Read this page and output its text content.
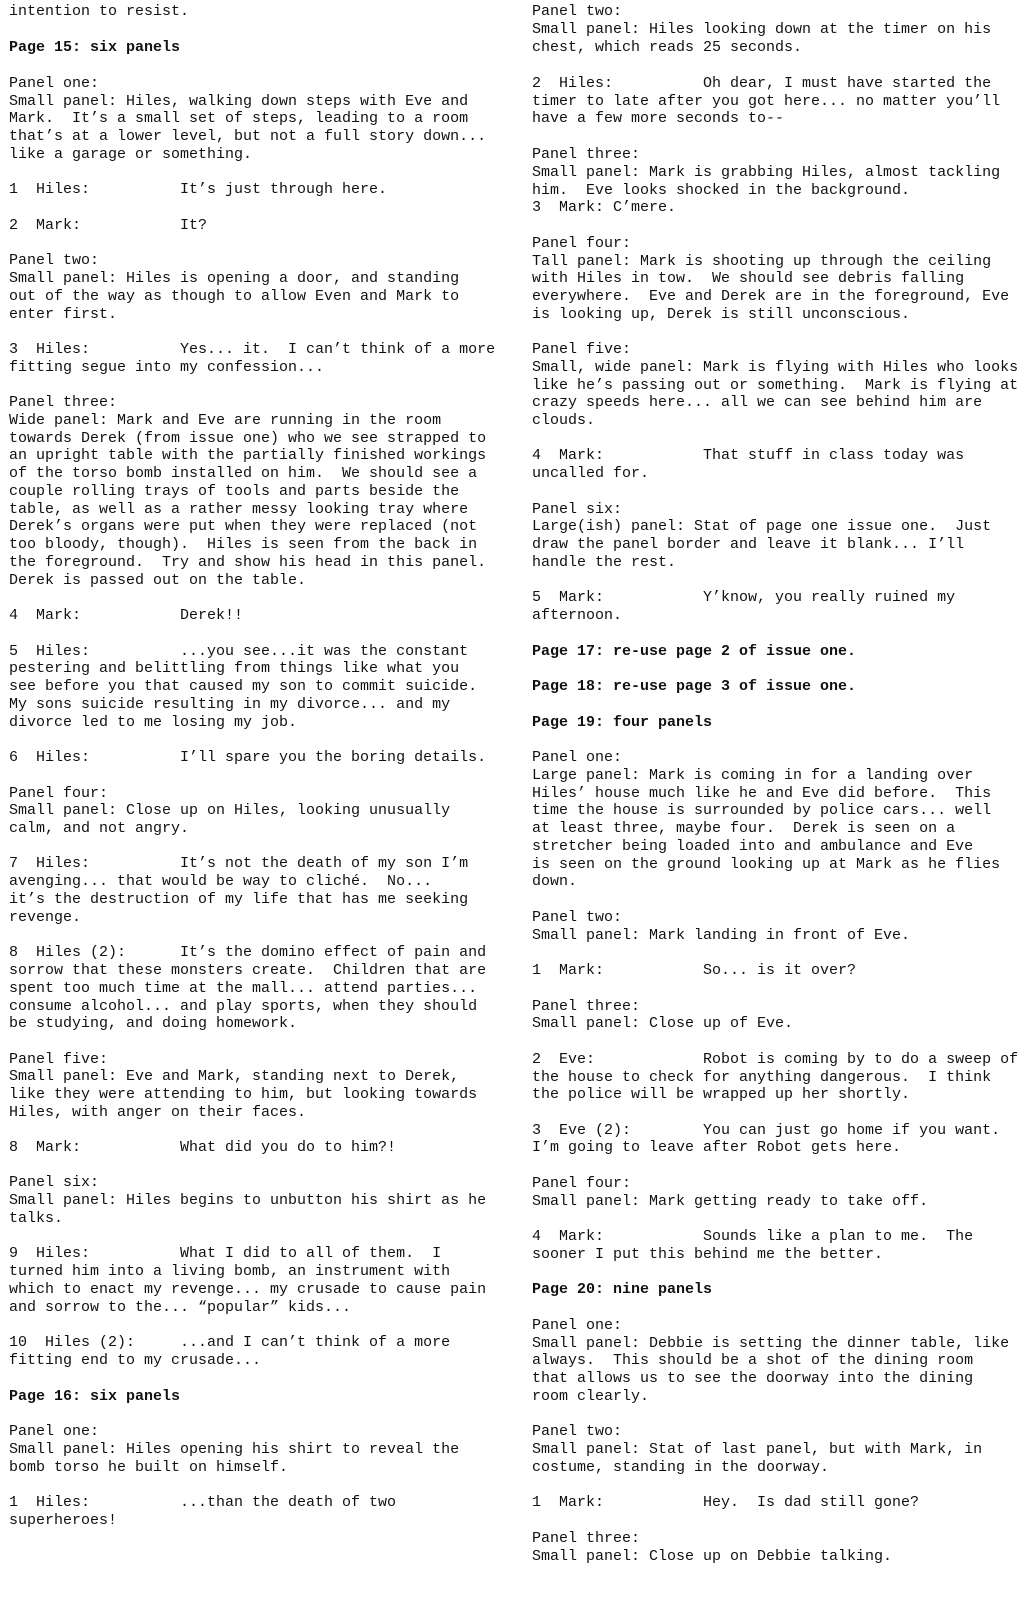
intention to resist.
Page 15: six panels
Panel one:
Small panel: Hiles, walking down steps with Eve and
Mark.  It’s a small set of steps, leading to a room
that’s at a lower level, but not a full story down...
like a garage or something.
1  Hiles:          It’s just through here.
2  Mark:           It?
Panel two:
Small panel: Hiles is opening a door, and standing
out of the way as though to allow Even and Mark to
enter first.
3  Hiles:          Yes... it.  I can’t think of a more
fitting segue into my confession...
Panel three:
Wide panel: Mark and Eve are running in the room
towards Derek (from issue one) who we see strapped to
an upright table with the partially finished workings
of the torso bomb installed on him.  We should see a
couple rolling trays of tools and parts beside the
table, as well as a rather messy looking tray where
Derek’s organs were put when they were replaced (not
too bloody, though).  Hiles is seen from the back in
the foreground.  Try and show his head in this panel.
Derek is passed out on the table.
4  Mark:           Derek!!
5  Hiles:          ...you see...it was the constant
pestering and belittling from things like what you
see before you that caused my son to commit suicide.
My sons suicide resulting in my divorce... and my
divorce led to me losing my job.
6  Hiles:          I’ll spare you the boring details.
Panel four:
Small panel: Close up on Hiles, looking unusually
calm, and not angry.
7  Hiles:          It’s not the death of my son I’m
avenging... that would be way to cliché.  No...
it’s the destruction of my life that has me seeking
revenge.
8  Hiles (2):      It’s the domino effect of pain and
sorrow that these monsters create.  Children that are
spent too much time at the mall... attend parties...
consume alcohol... and play sports, when they should
be studying, and doing homework.
Panel five:
Small panel: Eve and Mark, standing next to Derek,
like they were attending to him, but looking towards
Hiles, with anger on their faces.
8  Mark:           What did you do to him?!
Panel six:
Small panel: Hiles begins to unbutton his shirt as he
talks.
9  Hiles:          What I did to all of them.  I
turned him into a living bomb, an instrument with
which to enact my revenge... my crusade to cause pain
and sorrow to the... “popular” kids...
10  Hiles (2):     ...and I can’t think of a more
fitting end to my crusade...
Page 16: six panels
Panel one:
Small panel: Hiles opening his shirt to reveal the
bomb torso he built on himself.
1  Hiles:          ...than the death of two
superheroes!
Panel two:
Small panel: Hiles looking down at the timer on his
chest, which reads 25 seconds.
2  Hiles:          Oh dear, I must have started the
timer to late after you got here... no matter you’ll
have a few more seconds to--
Panel three:
Small panel: Mark is grabbing Hiles, almost tackling
him.  Eve looks shocked in the background.
3  Mark: C’mere.
Panel four:
Tall panel: Mark is shooting up through the ceiling
with Hiles in tow.  We should see debris falling
everywhere.  Eve and Derek are in the foreground, Eve
is looking up, Derek is still unconscious.
Panel five:
Small, wide panel: Mark is flying with Hiles who looks
like he’s passing out or something.  Mark is flying at
crazy speeds here... all we can see behind him are
clouds.
4  Mark:           That stuff in class today was
uncalled for.
Panel six:
Large(ish) panel: Stat of page one issue one.  Just
draw the panel border and leave it blank... I’ll
handle the rest.
5  Mark:           Y’know, you really ruined my
afternoon.
Page 17: re-use page 2 of issue one.
Page 18: re-use page 3 of issue one.
Page 19: four panels
Panel one:
Large panel: Mark is coming in for a landing over
Hiles’ house much like he and Eve did before.  This
time the house is surrounded by police cars... well
at least three, maybe four.  Derek is seen on a
stretcher being loaded into and ambulance and Eve
is seen on the ground looking up at Mark as he flies
down.
Panel two:
Small panel: Mark landing in front of Eve.
1  Mark:           So... is it over?
Panel three:
Small panel: Close up of Eve.
2  Eve:            Robot is coming by to do a sweep of
the house to check for anything dangerous.  I think
the police will be wrapped up her shortly.
3  Eve (2):        You can just go home if you want.
I’m going to leave after Robot gets here.
Panel four:
Small panel: Mark getting ready to take off.
4  Mark:           Sounds like a plan to me.  The
sooner I put this behind me the better.
Page 20: nine panels
Panel one:
Small panel: Debbie is setting the dinner table, like
always.  This should be a shot of the dining room
that allows us to see the doorway into the dining
room clearly.
Panel two:
Small panel: Stat of last panel, but with Mark, in
costume, standing in the doorway.
1  Mark:           Hey.  Is dad still gone?
Panel three:
Small panel: Close up on Debbie talking.
